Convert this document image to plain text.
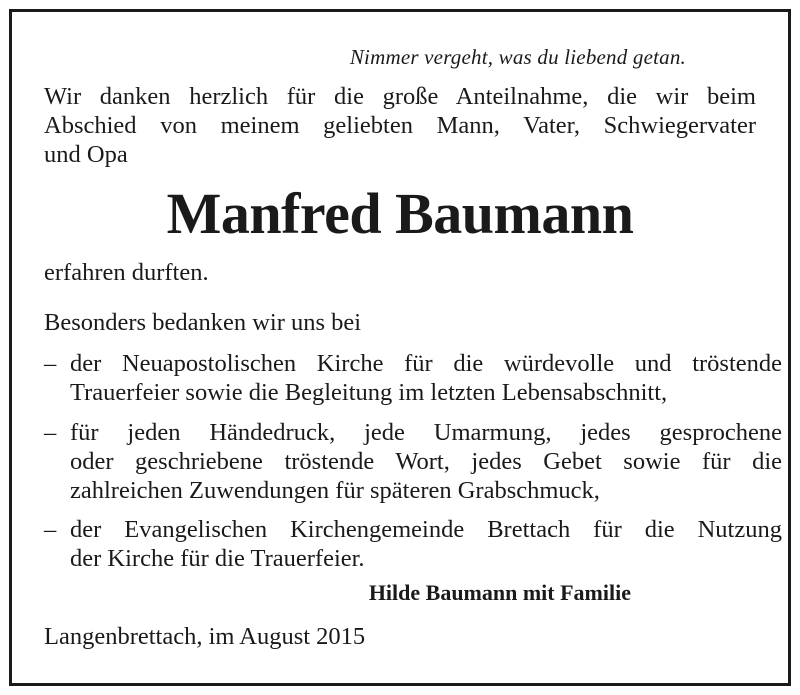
Nimmer vergeht, was du liebend getan.
Wir danken herzlich für die große Anteilnahme, die wir beim
Abschied von meinem geliebten Mann, Vater, Schwiegervater
und Opa
Manfred Baumann
erfahren durften.
Besonders bedanken wir uns bei
– der Neuapostolischen Kirche für die würdevolle und tröstende
Trauerfeier sowie die Begleitung im letzten Lebensabschnitt,
– für jeden Händedruck, jede Umarmung, jedes gesprochene
oder geschriebene tröstende Wort, jedes Gebet sowie für die
zahlreichen Zuwendungen für späteren Grabschmuck,
– der Evangelischen Kirchengemeinde Brettach für die Nutzung
der Kirche für die Trauerfeier.
Hilde Baumann mit Familie
Langenbrettach, im August 2015
